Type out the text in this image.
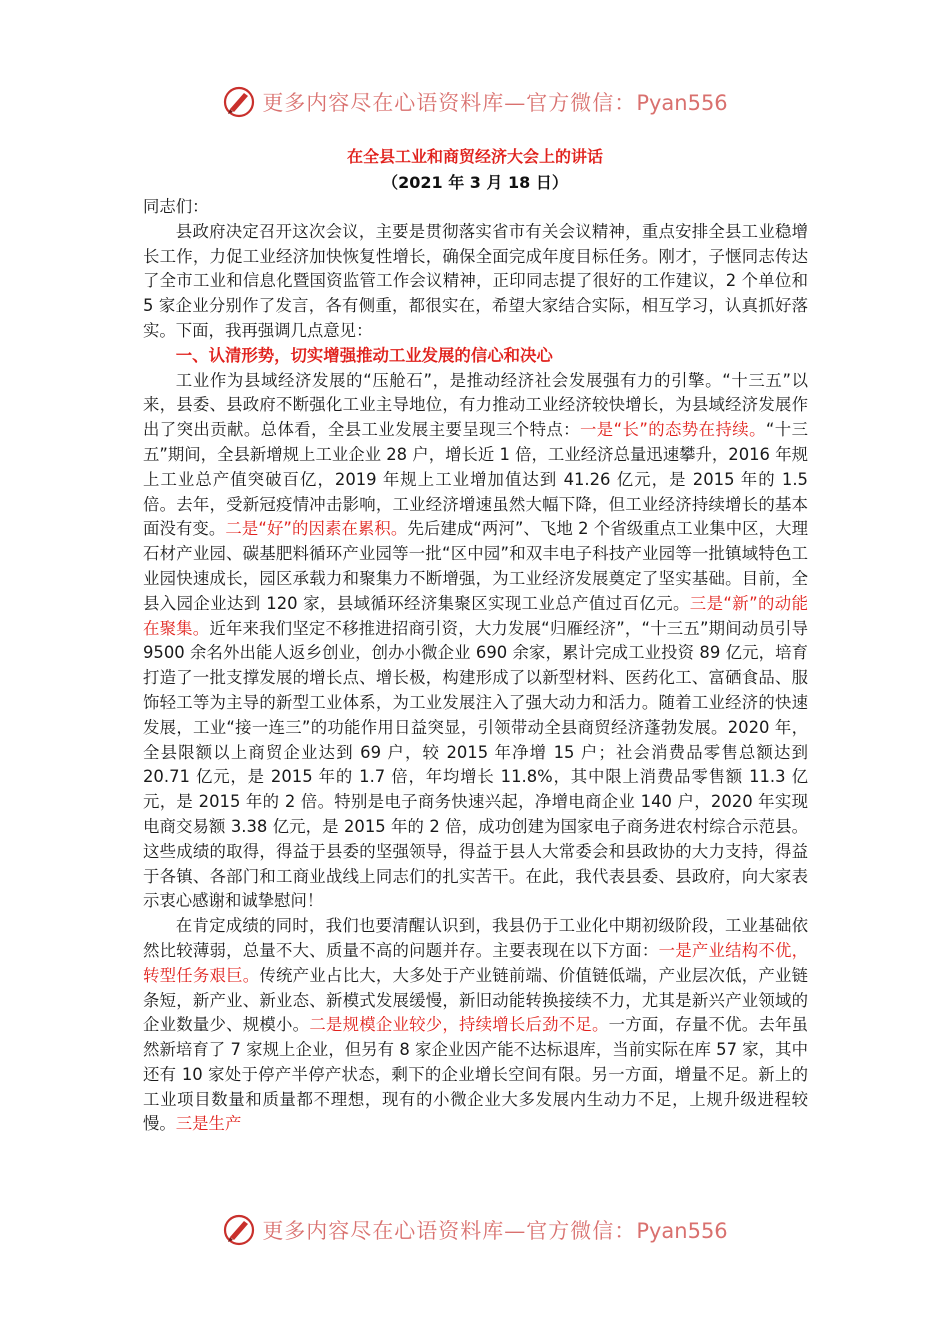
更多内容尽在心语资料库—官方微信：Pyan556
在全县工业和商贸经济大会上的讲话
（2021 年 3 月 18 日）

同志们：

县政府决定召开这次会议，主要是贯彻落实省市有关会议精神，重点安排全县工业稳增长工作，力促工业经济加快恢复性增长，确保全面完成年度目标任务。刚才，子惬同志传达了全市工业和信息化暨国资监管工作会议精神，正印同志提了很好的工作建议，2 个单位和 5 家企业分别作了发言，各有侧重，都很实在，希望大家结合实际，相互学习，认真抓好落实。下面，我再强调几点意见：

一、认清形势，切实增强推动工业发展的信心和决心

工业作为县域经济发展的“压舱石”，是推动经济社会发展强有力的引擎。“十三五”以来，县委、县政府不断强化工业主导地位，有力推动工业经济较快增长，为县域经济发展作出了突出贡献。总体看，全县工业发展主要呈现三个特点：一是“长”的态势在持续。“十三五”期间，全县新增规上工业企业 28 户，增长近 1 倍，工业经济总量迅速攀升，2016 年规上工业总产值突破百亿，2019 年规上工业增加值达到 41.26 亿元，是 2015 年的 1.5 倍。去年，受新冠疫情冲击影响，工业经济增速虽然大幅下降，但工业经济持续增长的基本面没有变。二是“好”的因素在累积。先后建成“两河”、飞地 2 个省级重点工业集中区，大理石材产业园、碳基肥料循环产业园等一批“区中园”和双丰电子科技产业园等一批镇域特色工业园快速成长，园区承载力和聚集力不断增强，为工业经济发展奠定了坚实基础。目前，全县入园企业达到 120 家，县域循环经济集聚区实现工业总产值过百亿元。三是“新”的动能在聚集。近年来我们坚定不移推进招商引资，大力发展“归雁经济”，“十三五”期间动员引导 9500 余名外出能人返乡创业，创办小微企业 690 余家，累计完成工业投资 89 亿元，培育打造了一批支撑发展的增长点、增长极，构建形成了以新型材料、医药化工、富硒食品、服饰轻工等为主导的新型工业体系，为工业发展注入了强大动力和活力。随着工业经济的快速发展，工业“接一连三”的功能作用日益突显，引领带动全县商贸经济蓬勃发展。2020 年，全县限额以上商贸企业达到 69 户，较 2015 年净增 15 户；社会消费品零售总额达到 20.71 亿元，是 2015 年的 1.7 倍，年均增长 11.8%，其中限上消费品零售额 11.3 亿元，是 2015 年的 2 倍。特别是电子商务快速兴起，净增电商企业 140 户，2020 年实现电商交易额 3.38 亿元，是 2015 年的 2 倍，成功创建为国家电子商务进农村综合示范县。这些成绩的取得，得益于县委的坚强领导，得益于县人大常委会和县政协的大力支持，得益于各镇、各部门和工商业战线上同志们的扎实苦干。在此，我代表县委、县政府，向大家表示衷心感谢和诚挚慰问！

在肯定成绩的同时，我们也要清醒认识到，我县仍于工业化中期初级阶段，工业基础依然比较薄弱，总量不大、质量不高的问题并存。主要表现在以下方面：一是产业结构不优，转型任务艰巨。传统产业占比大，大多处于产业链前端、价值链低端，产业层次低，产业链条短，新产业、新业态、新模式发展缓慢，新旧动能转换接续不力，尤其是新兴产业领域的企业数量少、规模小。二是规模企业较少，持续增长后劲不足。一方面，存量不优。去年虽然新培育了 7 家规上企业，但另有 8 家企业因产能不达标退库，当前实际在库 57 家，其中还有 10 家处于停产半停产状态，剩下的企业增长空间有限。另一方面，增量不足。新上的工业项目数量和质量都不理想，现有的小微企业大多发展内生动力不足，上规升级进程较慢。三是生产

更多内容尽在心语资料库—官方微信：Pyan556
